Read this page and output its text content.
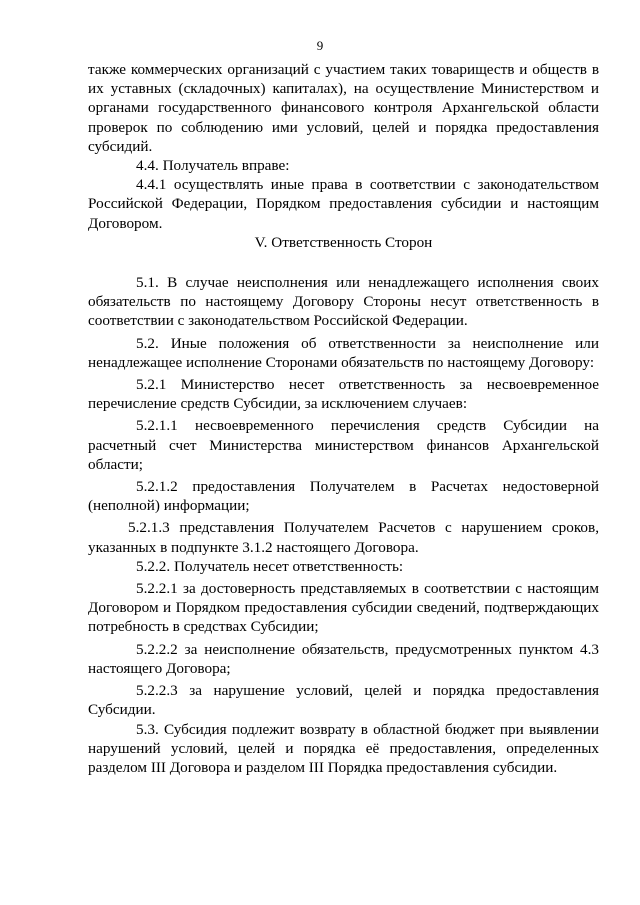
9

также коммерческих организаций с участием таких товариществ и обществ в их уставных (складочных) капиталах), на осуществление Министерством и органами государственного финансового контроля Архангельской области проверок по соблюдению ими условий, целей и порядка предоставления субсидий.

4.4. Получатель вправе:

4.4.1 осуществлять иные права в соответствии с законодательством Российской Федерации, Порядком предоставления субсидии и настоящим Договором.

V. Ответственность Сторон

5.1. В случае неисполнения или ненадлежащего исполнения своих обязательств по настоящему Договору Стороны несут ответственность в соответствии с законодательством Российской Федерации.

5.2. Иные положения об ответственности за неисполнение или ненадлежащее исполнение Сторонами обязательств по настоящему Договору:

5.2.1 Министерство несет ответственность за несвоевременное перечисление средств Субсидии, за исключением случаев:

5.2.1.1 несвоевременного перечисления средств Субсидии на расчетный счет Министерства министерством финансов Архангельской области;

5.2.1.2 предоставления Получателем в Расчетах недостоверной (неполной) информации;

5.2.1.3 представления Получателем Расчетов с нарушением сроков, указанных в подпункте 3.1.2 настоящего Договора.

5.2.2. Получатель несет ответственность:

5.2.2.1 за достоверность представляемых в соответствии с настоящим Договором и Порядком предоставления субсидии сведений, подтверждающих потребность в средствах Субсидии;

5.2.2.2 за неисполнение обязательств, предусмотренных пунктом 4.3 настоящего Договора;

5.2.2.3 за нарушение условий, целей и порядка предоставления Субсидии.

5.3. Субсидия подлежит возврату в областной бюджет при выявлении нарушений условий, целей и порядка её предоставления, определенных разделом III Договора и разделом III Порядка предоставления субсидии.
